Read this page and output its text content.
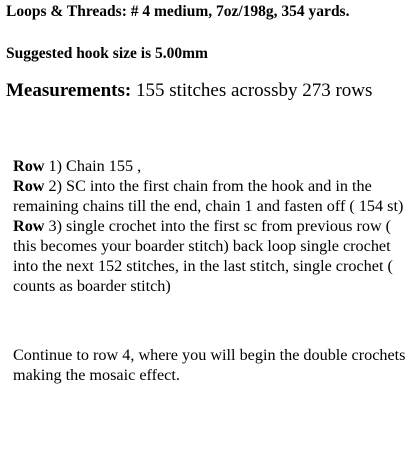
Loops & Threads: # 4 medium, 7oz/198g, 354 yards.
Suggested hook size is 5.00mm
Measurements: 155 stitches acrossby 273 rows
Row 1) Chain 155 ,
Row 2) SC into the first chain from the hook and in the remaining chains till the end, chain 1 and fasten off ( 154 st)
Row 3) single crochet into the first sc from previous row ( this becomes your boarder stitch) back loop single crochet into the next 152 stitches, in the last stitch, single crochet ( counts as boarder stitch)
Continue to row 4, where you will begin the double crochets making the mosaic effect.
